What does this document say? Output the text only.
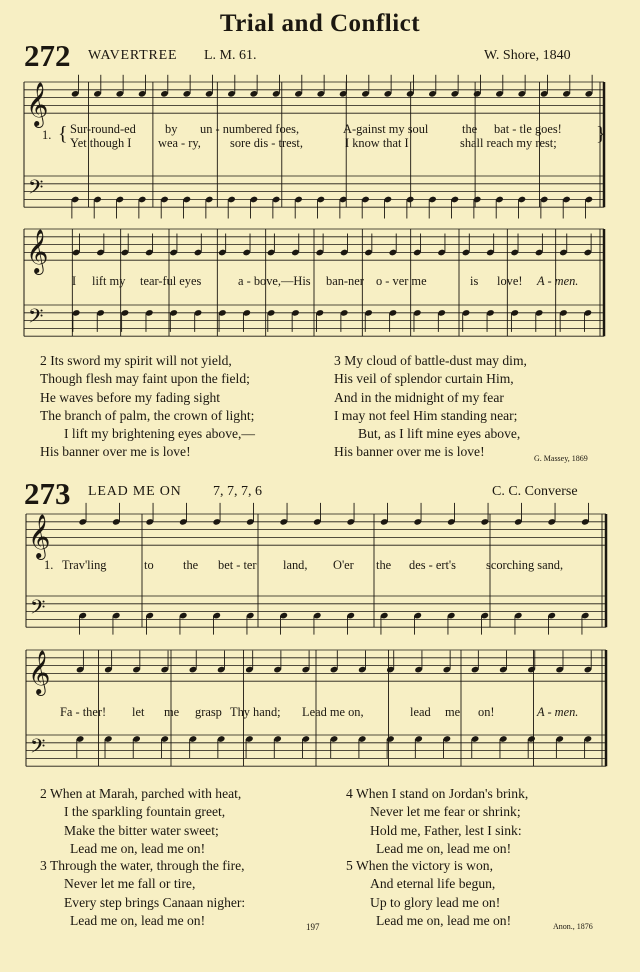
𝄞
𝄢
𝄞
𝄢
𝄞
𝄢
𝄞
𝄢
Trial and Conflict
272 WAVERTREE L. M. 61.	W. Shore, 1840
1. { Sur-round-ed by un - numbered foes,	A-gainst my soul	the bat - tle goes! }
Yet though I wea - ry, sore dis - trest,	I know that I	shall reach my rest;
I lift my tear-ful eyes	a - bove,—His ban-ner o - ver me	is love! A - men.
2 Its sword my spirit will not yield,
Though flesh may faint upon the field;
He waves before my fading sight
The branch of palm, the crown of light;
I lift my brightening eyes above,—
His banner over me is love!
3 My cloud of battle-dust may dim,
His veil of splendor curtain Him,
And in the midnight of my fear
I may not feel Him standing near;
But, as I lift mine eyes above,
His banner over me is love!	G. Massey, 1869
273 LEAD ME ON 7, 7, 7, 6	C. C. Converse
1. Trav'ling	to the bet - ter land, O'er the des - ert's scorching sand,
Fa - ther! let me grasp Thy hand; Lead me on,	lead me on!	A - men.
2 When at Marah, parched with heat,
I the sparkling fountain greet,
Make the bitter water sweet;
Lead me on, lead me on!
3 Through the water, through the fire,
Never let me fall or tire,
Every step brings Canaan nigher:
Lead me on, lead me on!
4 When I stand on Jordan's brink,
Never let me fear or shrink;
Hold me, Father, lest I sink:
Lead me on, lead me on!
5 When the victory is won,
And eternal life begun,
Up to glory lead me on!
Lead me on, lead me on!
197	Anon., 1876
